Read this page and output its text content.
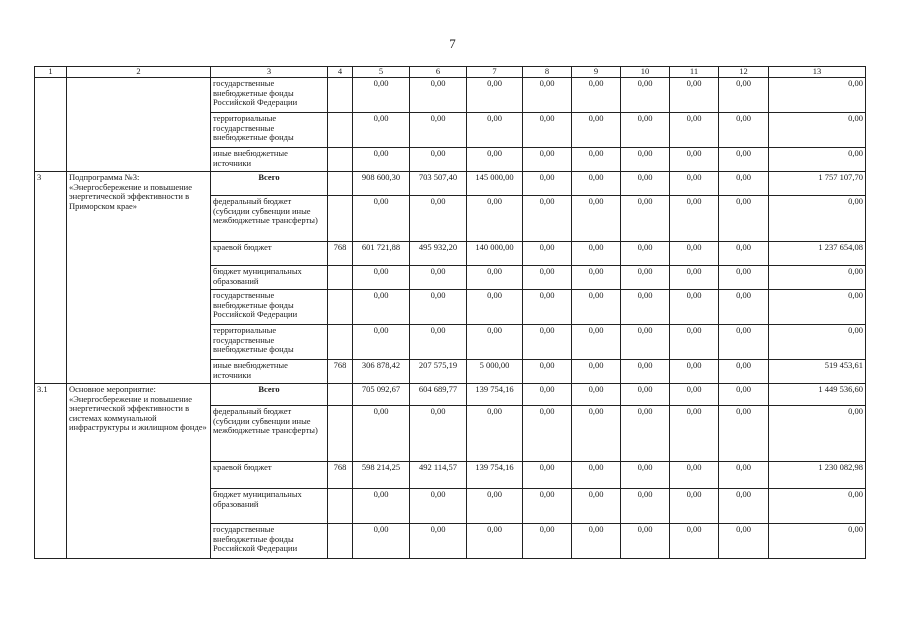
7
1	2	3	4	5	6	7	8	9	10	11	12	13
		государственные внебюджетные фонды Российской Федерации		0,00	0,00	0,00	0,00	0,00	0,00	0,00	0,00	0,00
		территориальные государственные внебюджетные фонды		0,00	0,00	0,00	0,00	0,00	0,00	0,00	0,00	0,00
		иные внебюджетные источники		0,00	0,00	0,00	0,00	0,00	0,00	0,00	0,00	0,00
3	Подпрограмма №3: «Энергосбережение и повышение энергетической эффективности в Приморском крае»	Всего		908 600,30	703 507,40	145 000,00	0,00	0,00	0,00	0,00	0,00	1 757 107,70
		федеральный бюджет (субсидии субвенции иные межбюджетные трансферты)		0,00	0,00	0,00	0,00	0,00	0,00	0,00	0,00	0,00
		краевой бюджет	768	601 721,88	495 932,20	140 000,00	0,00	0,00	0,00	0,00	0,00	1 237 654,08
		бюджет муниципальных образований		0,00	0,00	0,00	0,00	0,00	0,00	0,00	0,00	0,00
		государственные внебюджетные фонды Российской Федерации		0,00	0,00	0,00	0,00	0,00	0,00	0,00	0,00	0,00
		территориальные государственные внебюджетные фонды		0,00	0,00	0,00	0,00	0,00	0,00	0,00	0,00	0,00
		иные внебюджетные источники	768	306 878,42	207 575,19	5 000,00	0,00	0,00	0,00	0,00	0,00	519 453,61
3.1	Основное мероприятие: «Энергосбережение и повышение энергетической эффективности в системах коммунальной инфраструктуры и жилищном фонде»	Всего		705 092,67	604 689,77	139 754,16	0,00	0,00	0,00	0,00	0,00	1 449 536,60
		федеральный бюджет (субсидии субвенции иные межбюджетные трансферты)		0,00	0,00	0,00	0,00	0,00	0,00	0,00	0,00	0,00
		краевой бюджет	768	598 214,25	492 114,57	139 754,16	0,00	0,00	0,00	0,00	0,00	1 230 082,98
		бюджет муниципальных образований		0,00	0,00	0,00	0,00	0,00	0,00	0,00	0,00	0,00
		государственные внебюджетные фонды Российской Федерации		0,00	0,00	0,00	0,00	0,00	0,00	0,00	0,00	0,00
